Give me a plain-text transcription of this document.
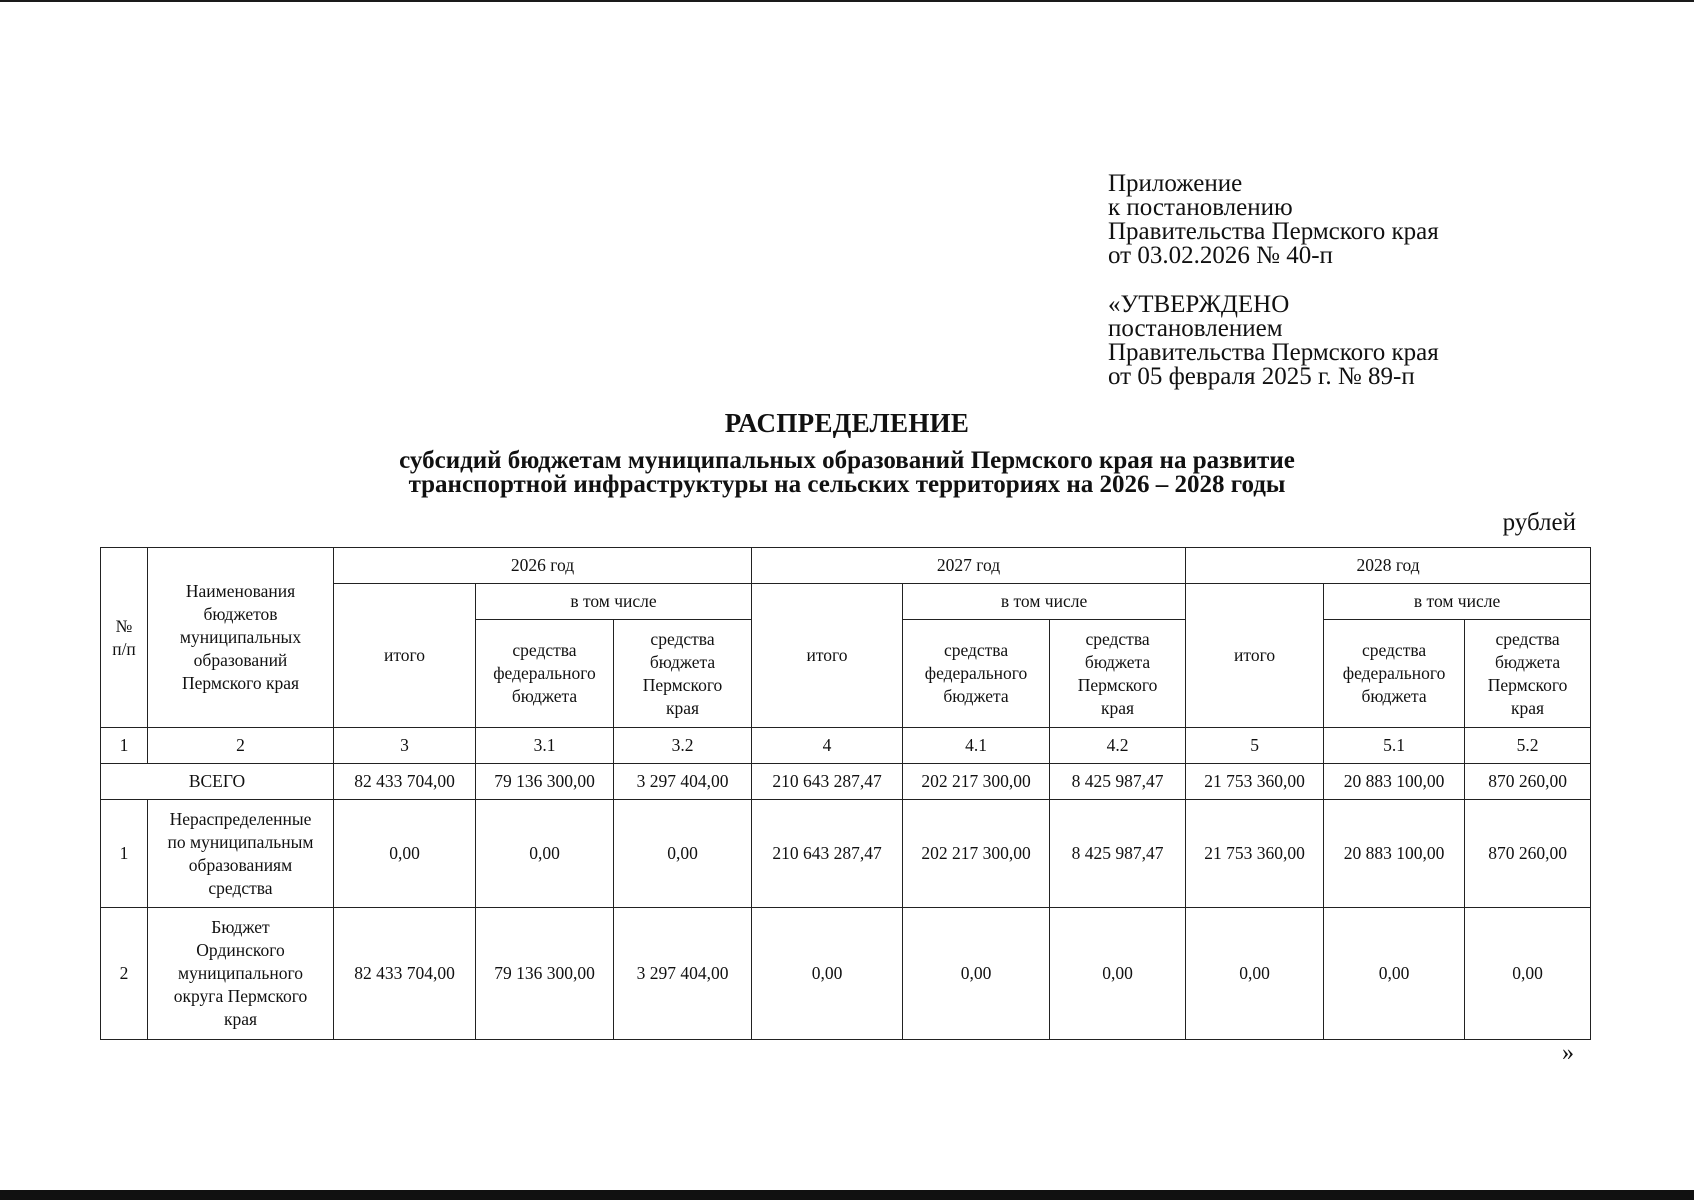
Приложение
к постановлению
Правительства Пермского края
от 03.02.2026 № 40-п
«УТВЕРЖДЕНО
постановлением
Правительства Пермского края
от 05 февраля 2025 г. № 89-п
РАСПРЕДЕЛЕНИЕ
субсидий бюджетам муниципальных образований Пермского края на развитие
транспортной инфраструктуры на сельских территориях на 2026 – 2028 годы
рублей
№
п/п	Наименования
бюджетов
муниципальных
образований
Пермского края	2026 год			2027 год			2028 год		
		итого	в том числе		итого	в том числе		итого	в том числе	
			средства
федерального
бюджета	средства
бюджета
Пермского
края		средства
федерального
бюджета	средства
бюджета
Пермского
края		средства
федерального
бюджета	средства
бюджета
Пермского
края
1	2	3	3.1	3.2	4	4.1	4.2	5	5.1	5.2
ВСЕГО		82 433 704,00	79 136 300,00	3 297 404,00	210 643 287,47	202 217 300,00	8 425 987,47	21 753 360,00	20 883 100,00	870 260,00
1	Нераспределенные
по муниципальным
образованиям
средства	0,00	0,00	0,00	210 643 287,47	202 217 300,00	8 425 987,47	21 753 360,00	20 883 100,00	870 260,00
2	Бюджет
Ординского
муниципального
округа Пермского
края	82 433 704,00	79 136 300,00	3 297 404,00	0,00	0,00	0,00	0,00	0,00	0,00
»
